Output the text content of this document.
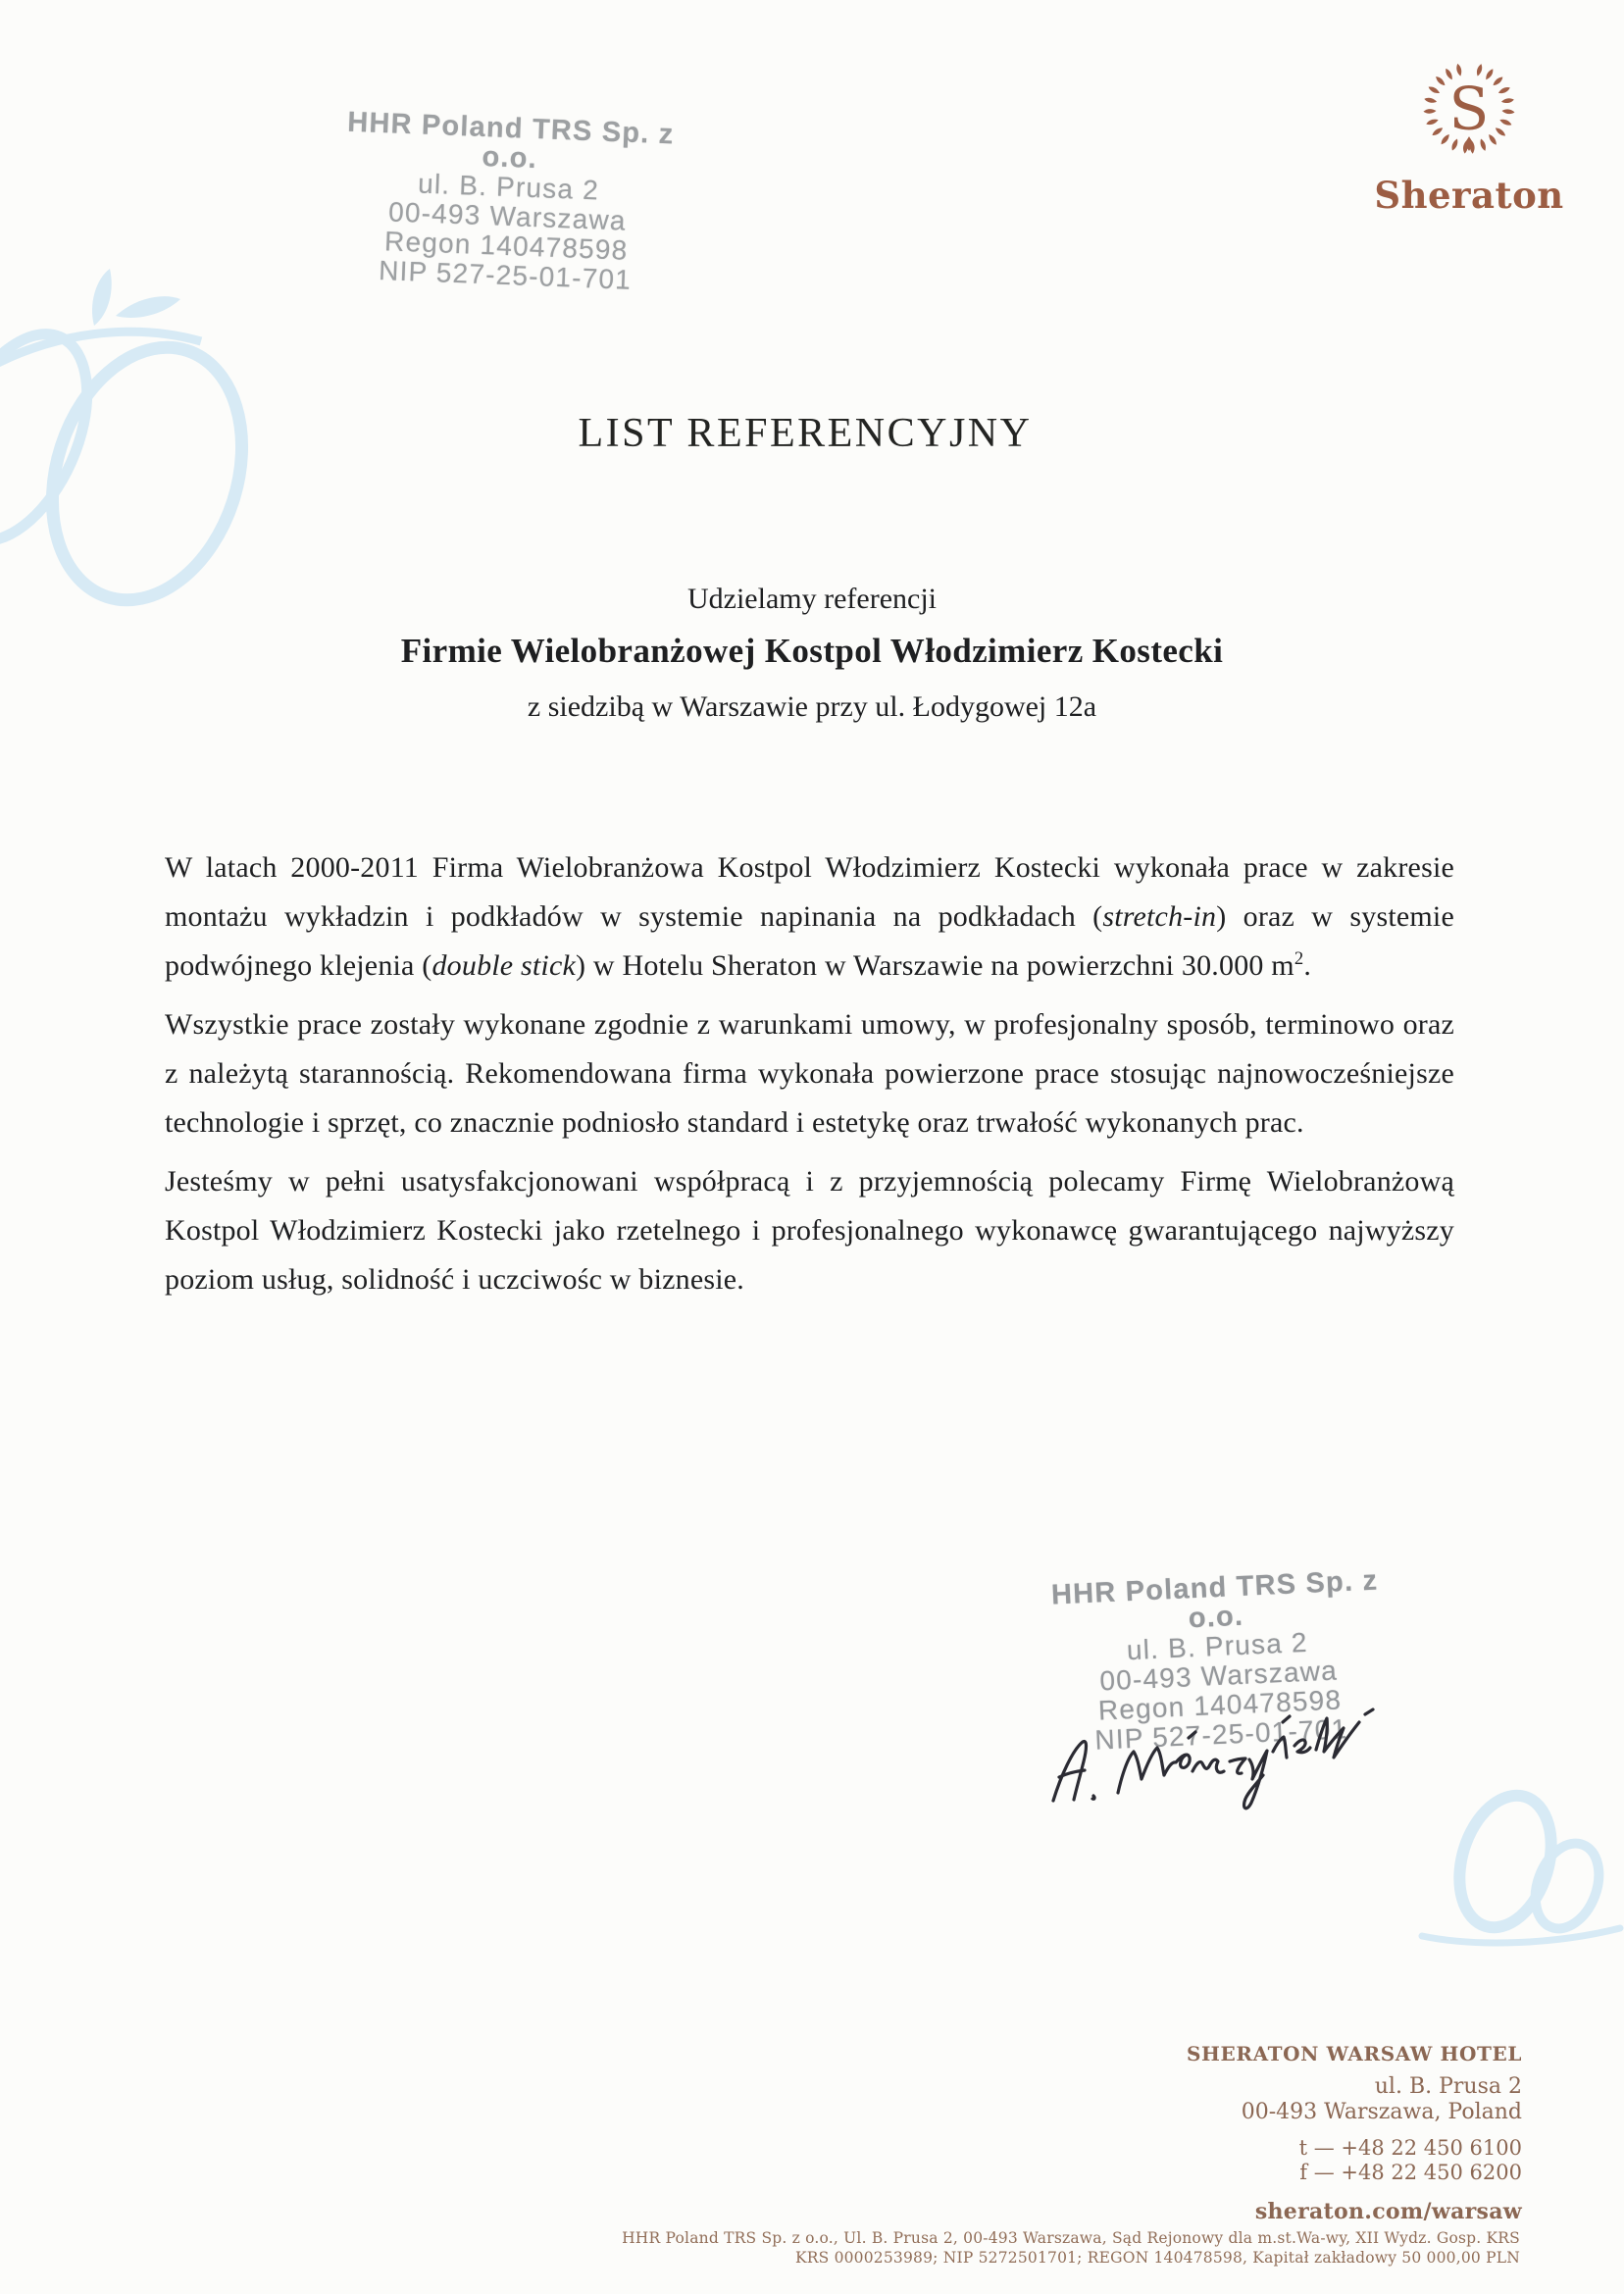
HHR Poland TRS Sp. z o.o.
ul. B. Prusa 2
00-493 Warszawa
Regon 140478598
NIP 527-25-01-701
S
Sheraton
LIST REFERENCYJNY
Udzielamy referencji
Firmie Wielobranżowej Kostpol Włodzimierz Kostecki
z siedzibą w Warszawie przy ul. Łodygowej 12a

W latach 2000-2011 Firma Wielobranżowa Kostpol Włodzimierz Kostecki wykonała prace w zakresie montażu wykładzin i podkładów w systemie napinania na podkładach (stretch-in) oraz w systemie podwójnego klejenia (double stick) w Hotelu Sheraton w Warszawie na powierzchni 30.000 $m^2$.

Wszystkie prace zostały wykonane zgodnie z warunkami umowy, w profesjonalny sposób, terminowo oraz z należytą starannością. Rekomendowana firma wykonała powierzone prace stosując najnowocześniejsze technologie i sprzęt, co znacznie podniosło standard i estetykę oraz trwałość wykonanych prac.

Jesteśmy w pełni usatysfakcjonowani współpracą i z przyjemnością polecamy Firmę Wielobranżową Kostpol Włodzimierz Kostecki jako rzetelnego i profesjonalnego wykonawcę gwarantującego najwyższy poziom usług, solidność i uczciwośc w biznesie.

HHR Poland TRS Sp. z o.o.
ul. B. Prusa 2
00-493 Warszawa
Regon 140478598
NIP 527-25-01-701
SHERATON WARSAW HOTEL
ul. B. Prusa 2
00-493 Warszawa, Poland
t — +48 22 450 6100
f — +48 22 450 6200
sheraton.com/warsaw
HHR Poland TRS Sp. z o.o., Ul. B. Prusa 2, 00-493 Warszawa, Sąd Rejonowy dla m.st.Wa-wy, XII Wydz. Gosp. KRS
KRS 0000253989; NIP 5272501701; REGON 140478598, Kapitał zakładowy 50 000,00 PLN
